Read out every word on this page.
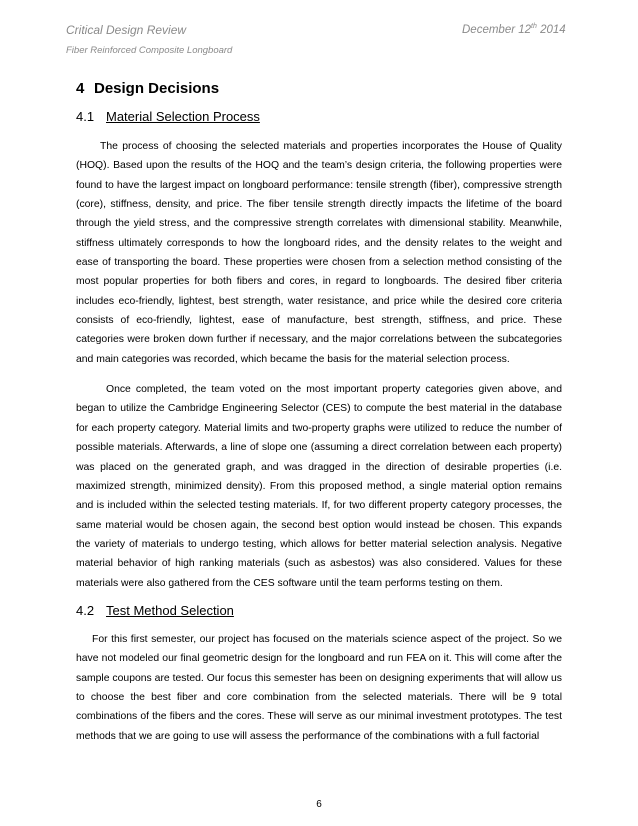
Critical Design Review
Fiber Reinforced Composite Longboard
December 12th 2014
4 Design Decisions
4.1 Material Selection Process

The process of choosing the selected materials and properties incorporates the House of Quality (HOQ). Based upon the results of the HOQ and the team’s design criteria, the following properties were found to have the largest impact on longboard performance: tensile strength (fiber), compressive strength (core), stiffness, density, and price. The fiber tensile strength directly impacts the lifetime of the board through the yield stress, and the compressive strength correlates with dimensional stability. Meanwhile, stiffness ultimately corresponds to how the longboard rides, and the density relates to the weight and ease of transporting the board. These properties were chosen from a selection method consisting of the most popular properties for both fibers and cores, in regard to longboards. The desired fiber criteria includes eco-friendly, lightest, best strength, water resistance, and price while the desired core criteria consists of eco-friendly, lightest, ease of manufacture, best strength, stiffness, and price. These categories were broken down further if necessary, and the major correlations between the subcategories and main categories was recorded, which became the basis for the material selection process.

Once completed, the team voted on the most important property categories given above, and began to utilize the Cambridge Engineering Selector (CES) to compute the best material in the database for each property category. Material limits and two-property graphs were utilized to reduce the number of possible materials. Afterwards, a line of slope one (assuming a direct correlation between each property) was placed on the generated graph, and was dragged in the direction of desirable properties (i.e. maximized strength, minimized density). From this proposed method, a single material option remains and is included within the selected testing materials. If, for two different property category processes, the same material would be chosen again, the second best option would instead be chosen. This expands the variety of materials to undergo testing, which allows for better material selection analysis. Negative material behavior of high ranking materials (such as asbestos) was also considered. Values for these materials were also gathered from the CES software until the team performs testing on them.

4.2 Test Method Selection

For this first semester, our project has focused on the materials science aspect of the project. So we have not modeled our final geometric design for the longboard and run FEA on it. This will come after the sample coupons are tested. Our focus this semester has been on designing experiments that will allow us to choose the best fiber and core combination from the selected materials. There will be 9 total combinations of the fibers and the cores. These will serve as our minimal investment prototypes. The test methods that we are going to use will assess the performance of the combinations with a full factorial

6
